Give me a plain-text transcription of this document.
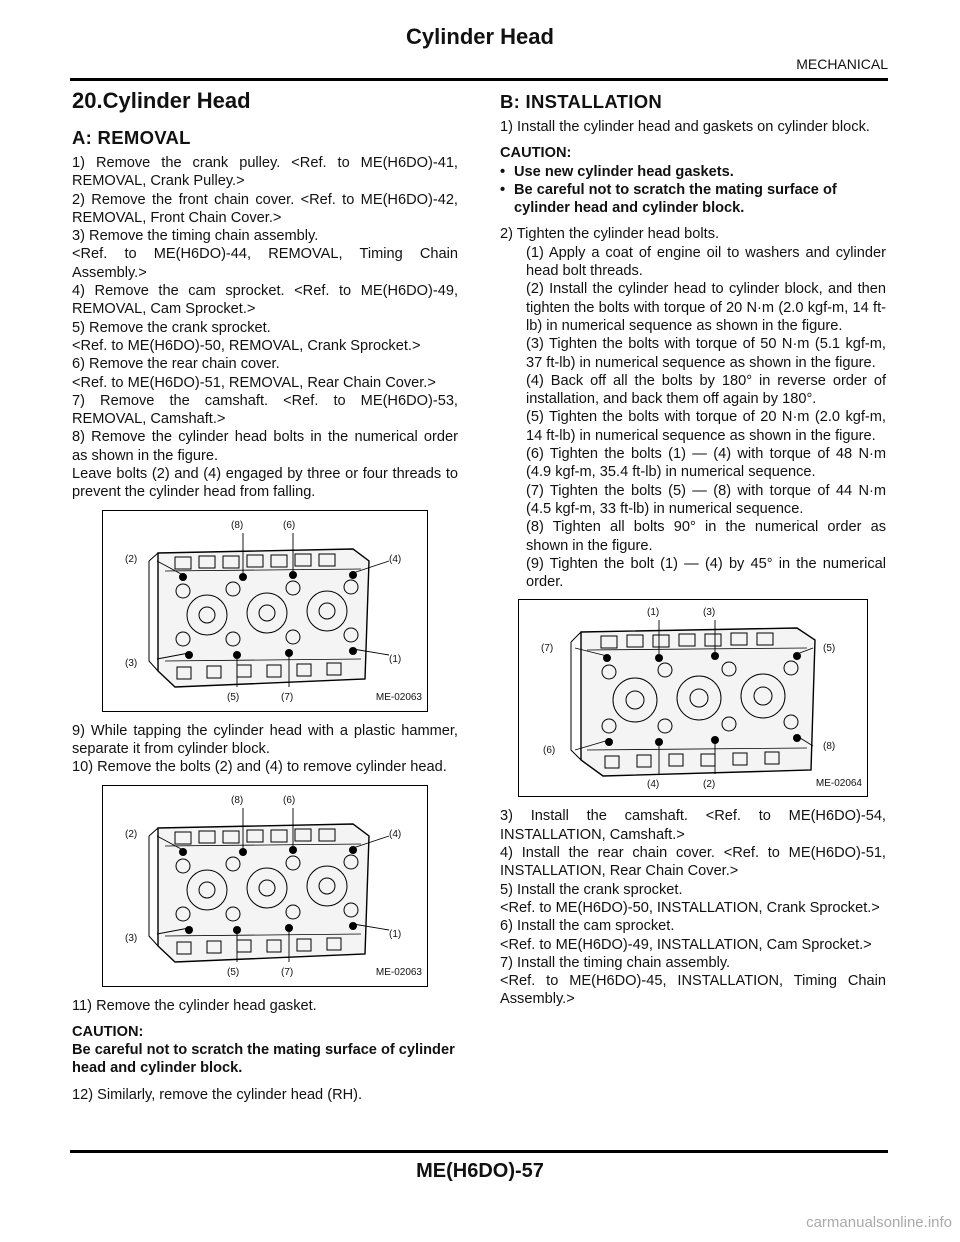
Cylinder Head
MECHANICAL

20.Cylinder Head

A: REMOVAL

1) Remove the crank pulley. <Ref. to ME(H6DO)-41, REMOVAL, Crank Pulley.>

2) Remove the front chain cover. <Ref. to ME(H6DO)-42, REMOVAL, Front Chain Cover.>

3) Remove the timing chain assembly.

<Ref. to ME(H6DO)-44, REMOVAL, Timing Chain Assembly.>

4) Remove the cam sprocket. <Ref. to ME(H6DO)-49, REMOVAL, Cam Sprocket.>

5) Remove the crank sprocket.

<Ref. to ME(H6DO)-50, REMOVAL, Crank Sprocket.>

6) Remove the rear chain cover.

<Ref. to ME(H6DO)-51, REMOVAL, Rear Chain Cover.>

7) Remove the camshaft. <Ref. to ME(H6DO)-53, REMOVAL, Camshaft.>

8) Remove the cylinder head bolts in the numerical order as shown in the figure.

Leave bolts (2) and (4) engaged by three or four threads to prevent the cylinder head from falling.

(8)	(6)
(2)	(4)
(3)	(1)
(5)	(7)	ME-02063

9) While tapping the cylinder head with a plastic hammer, separate it from cylinder block.

10) Remove the bolts (2) and (4) to remove cylinder head.

(8)	(6)
(2)	(4)
(3)	(1)
(5)	(7)	ME-02063

11) Remove the cylinder head gasket.

CAUTION:

Be careful not to scratch the mating surface of cylinder head and cylinder block.

12) Similarly, remove the cylinder head (RH).

B: INSTALLATION

1) Install the cylinder head and gaskets on cylinder block.

CAUTION:

• Use new cylinder head gaskets.

• Be careful not to scratch the mating surface of cylinder head and cylinder block.

2) Tighten the cylinder head bolts.

(1) Apply a coat of engine oil to washers and cylinder head bolt threads.

(2) Install the cylinder head to cylinder block, and then tighten the bolts with torque of 20 N·m (2.0 kgf-m, 14 ft-lb) in numerical sequence as shown in the figure.

(3) Tighten the bolts with torque of 50 N·m (5.1 kgf-m, 37 ft-lb) in numerical sequence as shown in the figure.

(4) Back off all the bolts by 180° in reverse order of installation, and back them off again by 180°.

(5) Tighten the bolts with torque of 20 N·m (2.0 kgf-m, 14 ft-lb) in numerical sequence as shown in the figure.

(6) Tighten the bolts (1) — (4) with torque of 48 N·m (4.9 kgf-m, 35.4 ft-lb) in numerical sequence.

(7) Tighten the bolts (5) — (8) with torque of 44 N·m (4.5 kgf-m, 33 ft-lb) in numerical sequence.

(8) Tighten all bolts 90° in the numerical order as shown in the figure.

(9) Tighten the bolt (1) — (4) by 45° in the numerical order.

(1)	(3)
(7)	(5)
(6)	(8)
(4)	(2)	ME-02064

3) Install the camshaft. <Ref. to ME(H6DO)-54, INSTALLATION, Camshaft.>

4) Install the rear chain cover. <Ref. to ME(H6DO)-51, INSTALLATION, Rear Chain Cover.>

5) Install the crank sprocket.

<Ref. to ME(H6DO)-50, INSTALLATION, Crank Sprocket.>

6) Install the cam sprocket.

<Ref. to ME(H6DO)-49, INSTALLATION, Cam Sprocket.>

7) Install the timing chain assembly.

<Ref. to ME(H6DO)-45, INSTALLATION, Timing Chain Assembly.>

ME(H6DO)-57
carmanualsonline.info
